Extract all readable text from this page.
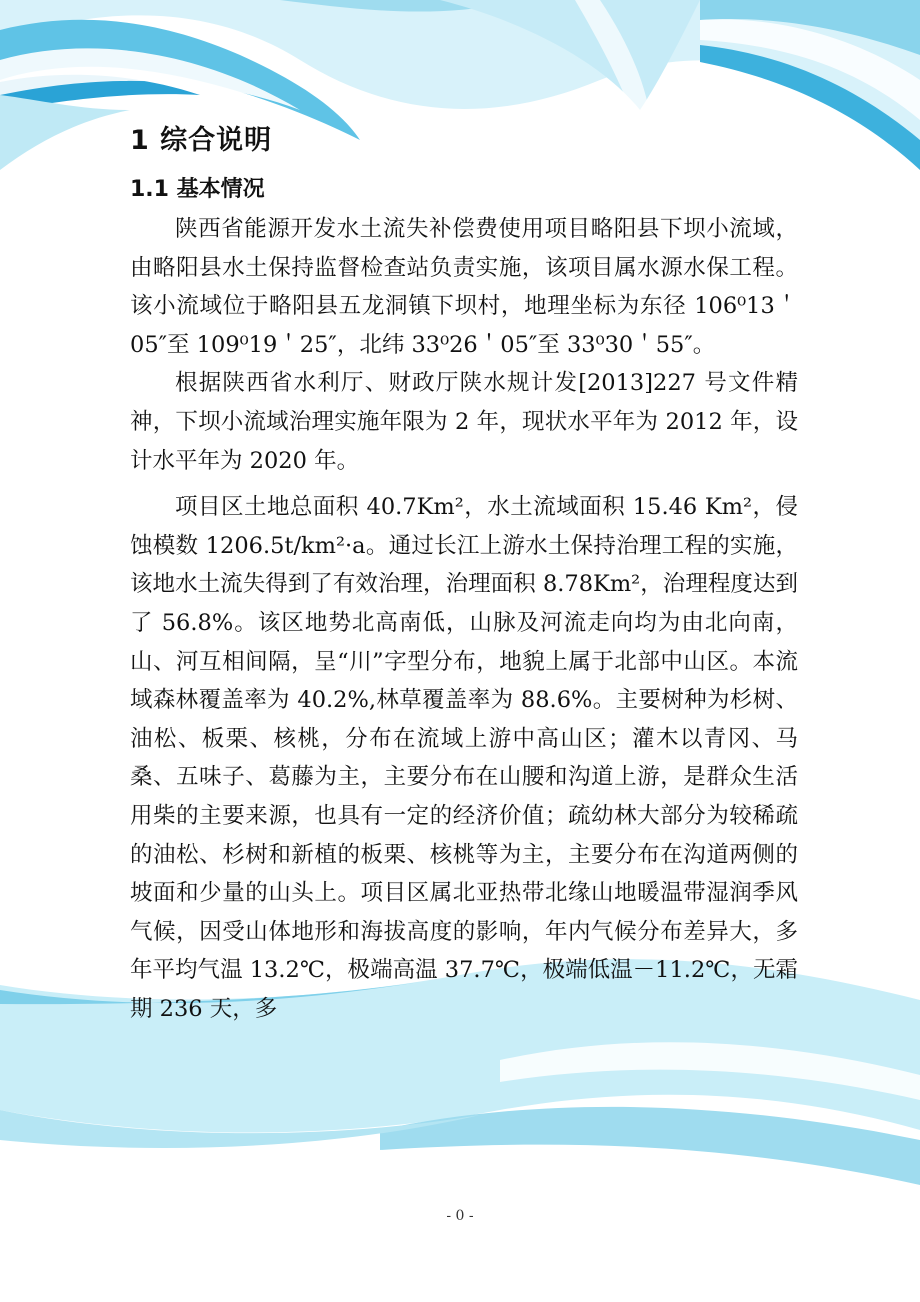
1 综合说明
1.1 基本情况

陕西省能源开发水土流失补偿费使用项目略阳县下坝小流域，由略阳县水土保持监督检查站负责实施，该项目属水源水保工程。该小流域位于略阳县五龙洞镇下坝村，地理坐标为东径 106⁰13＇05″至 109⁰19＇25″，北纬 33⁰26＇05″至 33⁰30＇55″。

根据陕西省水利厅、财政厅陕水规计发[2013]227 号文件精神，下坝小流域治理实施年限为 2 年，现状水平年为 2012 年，设计水平年为 2020 年。

项目区土地总面积 40.7Km²，水土流域面积 15.46 Km²，侵蚀模数 1206.5t/km²·a。通过长江上游水土保持治理工程的实施，该地水土流失得到了有效治理，治理面积 8.78Km²，治理程度达到了 56.8%。该区地势北高南低，山脉及河流走向均为由北向南，山、河互相间隔，呈“川”字型分布，地貌上属于北部中山区。本流域森林覆盖率为 40.2%,林草覆盖率为 88.6%。主要树种为杉树、油松、板栗、核桃，分布在流域上游中高山区；灌木以青冈、马桑、五味子、葛藤为主，主要分布在山腰和沟道上游，是群众生活用柴的主要来源，也具有一定的经济价值；疏幼林大部分为较稀疏的油松、杉树和新植的板栗、核桃等为主，主要分布在沟道两侧的坡面和少量的山头上。项目区属北亚热带北缘山地暖温带湿润季风气候，因受山体地形和海拔高度的影响，年内气候分布差异大，多年平均气温 13.2℃，极端高温 37.7℃，极端低温－11.2℃，无霜期 236 天，多

- 0 -
